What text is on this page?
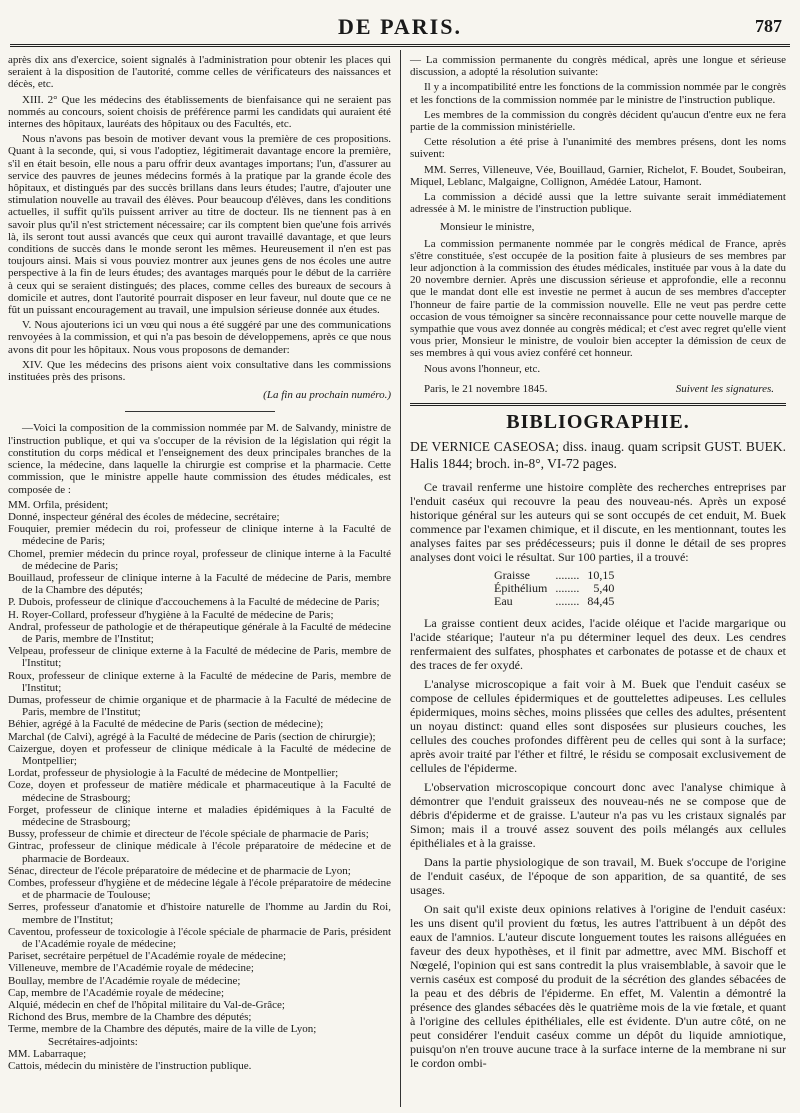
DE PARIS.	787

après dix ans d'exercice, soient signalés à l'administration pour obtenir les places qui seraient à la disposition de l'autorité, comme celles de vérificateurs des naissances et décès, etc.

XIII. 2° Que les médecins des établissements de bienfaisance qui ne seraient pas nommés au concours, soient choisis de préférence parmi les candidats qui auraient été internes des hôpitaux, lauréats des hôpitaux ou des Facultés, etc.

Nous n'avons pas besoin de motiver devant vous la première de ces propositions. Quant à la seconde, qui, si vous l'adoptiez, légitimerait davantage encore la première, s'il en était besoin, elle nous a paru offrir deux avantages importans; l'un, d'assurer au service des pauvres de jeunes médecins formés à la pratique par la grande école des hôpitaux, et distingués par des succès brillans dans leurs études; l'autre, d'ajouter une stimulation nouvelle au travail des élèves. Pour beaucoup d'élèves, dans les conditions actuelles, il suffit qu'ils puissent arriver au titre de docteur. Ils ne tiennent pas à en savoir plus qu'il n'est strictement nécessaire; car ils comptent bien que'une fois arrivés là, ils seront tout aussi avancés que ceux qui auront travaillé davantage, et que leurs conditions de succès dans le monde seront les mêmes. Heureusement il n'en est pas toujours ainsi. Mais si vous pouviez montrer aux jeunes gens de nos écoles une autre perspective à la fin de leurs études; des avantages marqués pour le début de la carrière à ceux qui se seraient distingués; des places, comme celles des bureaux de secours à domicile et autres, dont l'autorité pourrait disposer en leur faveur, nul doute que ce ne fût un puissant encouragement au travail, une impulsion sérieuse donnée aux études.

V. Nous ajouterions ici un vœu qui nous a été suggéré par une des communications renvoyées à la commission, et qui n'a pas besoin de développemens, après ce que nous avons dit pour les hôpitaux. Nous vous proposons de demander:

XIV. Que les médecins des prisons aient voix consultative dans les commissions instituées près des prisons.

(La fin au prochain numéro.)

—Voici la composition de la commission nommée par M. de Salvandy, ministre de l'instruction publique, et qui va s'occuper de la révision de la législation qui régit la constitution du corps médical et l'enseignement des deux principales branches de la science, la médecine, dans laquelle la chirurgie est comprise et la pharmacie. Cette commission, que le ministre appelle haute commission des études médicales, est composée de :

MM. Orfila, président;

Donné, inspecteur général des écoles de médecine, secrétaire;

Fouquier, premier médecin du roi, professeur de clinique interne à la Faculté de médecine de Paris;

Chomel, premier médecin du prince royal, professeur de clinique interne à la Faculté de médecine de Paris;

Bouillaud, professeur de clinique interne à la Faculté de médecine de Paris, membre de la Chambre des députés;

P. Dubois, professeur de clinique d'accouchemens à la Faculté de médecine de Paris;

H. Royer-Collard, professeur d'hygiène à la Faculté de médecine de Paris;

Andral, professeur de pathologie et de thérapeutique générale à la Faculté de médecine de Paris, membre de l'Institut;

Velpeau, professeur de clinique externe à la Faculté de médecine de Paris, membre de l'Institut;

Roux, professeur de clinique externe à la Faculté de médecine de Paris, membre de l'Institut;

Dumas, professeur de chimie organique et de pharmacie à la Faculté de médecine de Paris, membre de l'Institut;

Béhier, agrégé à la Faculté de médecine de Paris (section de médecine);

Marchal (de Calvi), agrégé à la Faculté de médecine de Paris (section de chirurgie);

Caizergue, doyen et professeur de clinique médicale à la Faculté de médecine de Montpellier;

Lordat, professeur de physiologie à la Faculté de médecine de Montpellier;

Coze, doyen et professeur de matière médicale et pharmaceutique à la Faculté de médecine de Strasbourg;

Forget, professeur de clinique interne et maladies épidémiques à la Faculté de médecine de Strasbourg;

Bussy, professeur de chimie et directeur de l'école spéciale de pharmacie de Paris;

Gintrac, professeur de clinique médicale à l'école préparatoire de médecine et de pharmacie de Bordeaux.

Sénac, directeur de l'école préparatoire de médecine et de pharmacie de Lyon;

Combes, professeur d'hygiène et de médecine légale à l'école préparatoire de médecine et de pharmacie de Toulouse;

Serres, professeur d'anatomie et d'histoire naturelle de l'homme au Jardin du Roi, membre de l'Institut;

Caventou, professeur de toxicologie à l'école spéciale de pharmacie de Paris, président de l'Académie royale de médecine;

Pariset, secrétaire perpétuel de l'Académie royale de médecine;

Villeneuve, membre de l'Académie royale de médecine;

Boullay, membre de l'Académie royale de médecine;

Cap, membre de l'Académie royale de médecine;

Alquié, médecin en chef de l'hôpital militaire du Val-de-Grâce;

Richond des Brus, membre de la Chambre des députés;

Terme, membre de la Chambre des députés, maire de la ville de Lyon;

Secrétaires-adjoints:

MM. Labarraque;

Cattois, médecin du ministère de l'instruction publique.

— La commission permanente du congrès médical, après une longue et sérieuse discussion, a adopté la résolution suivante:

Il y a incompatibilité entre les fonctions de la commission nommée par le congrès et les fonctions de la commission nommée par le ministre de l'instruction publique.

Les membres de la commission du congrès décident qu'aucun d'entre eux ne fera partie de la commission ministérielle.

Cette résolution a été prise à l'unanimité des membres présens, dont les noms suivent:

MM. Serres, Villeneuve, Vée, Bouillaud, Garnier, Richelot, F. Boudet, Soubeiran, Miquel, Leblanc, Malgaigne, Collignon, Amédée Latour, Hamont.

La commission a décidé aussi que la lettre suivante serait immédiatement adressée à M. le ministre de l'instruction publique.

Monsieur le ministre,

La commission permanente nommée par le congrès médical de France, après s'être constituée, s'est occupée de la position faite à plusieurs de ses membres par leur adjonction à la commission des études médicales, instituée par vous à la date du 20 novembre dernier. Après une discussion sérieuse et approfondie, elle a reconnu que le mandat dont elle est investie ne permet à aucun de ses membres d'accepter l'honneur de faire partie de la commission nouvelle. Elle ne veut pas perdre cette occasion de vous témoigner sa sincère reconnaissance pour cette nouvelle marque de sympathie que vous avez donnée au congrès médical; et c'est avec regret qu'elle vient vous prier, Monsieur le ministre, de vouloir bien accepter la démission de ceux de ses membres à qui vous aviez conféré cet honneur.

Nous avons l'honneur, etc.

Suivent les signatures.
Paris, le 21 novembre 1845.
BIBLIOGRAPHIE.
DE VERNICE CASEOSA; diss. inaug. quam scripsit GUST. BUEK. Halis 1844; broch. in-8°, VI-72 pages.

Ce travail renferme une histoire complète des recherches entreprises par l'enduit caséux qui recouvre la peau des nouveau-nés. Après un exposé historique général sur les auteurs qui se sont occupés de cet enduit, M. Buek commence par l'examen chimique, et il discute, en les mentionnant, toutes les analyses faites par ses prédécesseurs; puis il donne le détail de ses propres analyses dont voici le résultat. Sur 100 parties, il a trouvé:

Graisse	........	10,15
Épithélium	........	5,40
Eau	........	84,45

La graisse contient deux acides, l'acide oléique et l'acide margarique ou l'acide stéarique; l'auteur n'a pu déterminer lequel des deux. Les cendres renfermaient des sulfates, phosphates et carbonates de potasse et de chaux et des traces de fer oxydé.

L'analyse microscopique a fait voir à M. Buek que l'enduit caséux se compose de cellules épidermiques et de gouttelettes adipeuses. Les cellules épidermiques, moins sèches, moins plissées que celles des adultes, présentent un noyau distinct: quand elles sont disposées sur plusieurs couches, les cellules des couches profondes diffèrent peu de celles qui sont à la surface; après avoir traité par l'éther et filtré, le résidu se composait exclusivement de cellules de l'épiderme.

L'observation microscopique concourt donc avec l'analyse chimique à démontrer que l'enduit graisseux des nouveau-nés ne se compose que de débris d'épiderme et de graisse. L'auteur n'a pas vu les cristaux signalés par Simon; mais il a trouvé assez souvent des poils mélangés aux cellules épithéliales et à la graisse.

Dans la partie physiologique de son travail, M. Buek s'occupe de l'origine de l'enduit caséux, de l'époque de son apparition, de sa quantité, de ses usages.

On sait qu'il existe deux opinions relatives à l'origine de l'enduit caséux: les uns disent qu'il provient du fœtus, les autres l'attribuent à un dépôt des eaux de l'amnios. L'auteur discute longuement toutes les raisons alléguées en faveur des deux hypothèses, et il finit par admettre, avec MM. Bischoff et Nœgelé, l'opinion qui est sans contredit la plus vraisemblable, à savoir que le vernis caséux est composé du produit de la sécrétion des glandes sébacées de la peau et des débris de l'épiderme. En effet, M. Valentin a démontré la présence des glandes sébacées dès le quatrième mois de la vie fœtale, et quant à l'origine des cellules épithéliales, elle est évidente. D'un autre côté, on ne peut considérer l'enduit caséux comme un dépôt du liquide amniotique, puisqu'on n'en trouve aucune trace à la surface interne de la membrane ni sur le cordon ombi-
